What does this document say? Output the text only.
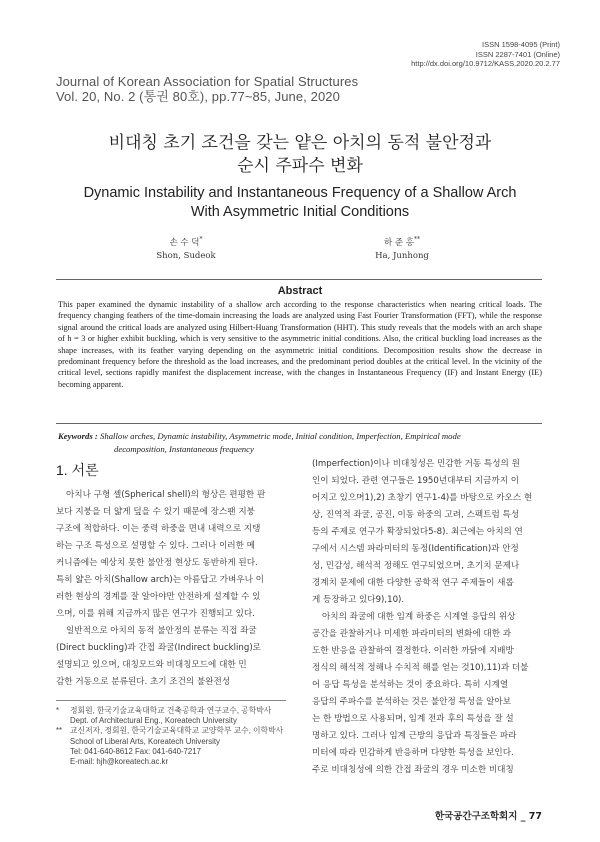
ISSN 1598-4095 (Print)
ISSN 2287-7401 (Online)
http://dx.doi.org/10.9712/KASS.2020.20.2.77
Journal of Korean Association for Spatial Structures
Vol. 20, No. 2 (통권 80호), pp.77~85, June, 2020
비대칭 초기 조건을 갖는 얕은 아치의 동적 불안정과
순시 주파수 변화
Dynamic Instability and Instantaneous Frequency of a Shallow Arch
With Asymmetric Initial Conditions
손 수 덕*
Shon, Sudeok
하 준 홍**
Ha, Junhong
Abstract
This paper examined the dynamic instability of a shallow arch according to the response characteristics when nearing critical loads. The frequency changing feathers of the time-domain increasing the loads are analyzed using Fast Fourier Transformation (FFT), while the response signal around the critical loads are analyzed using Hilbert-Huang Transformation (HHT). This study reveals that the models with an arch shape of h = 3 or higher exhibit buckling, which is very sensitive to the asymmetric initial conditions. Also, the critical buckling load increases as the shape increases, with its feather varying depending on the asymmetric initial conditions. Decomposition results show the decrease in predominant frequency before the threshold as the load increases, and the predominant period doubles at the critical level. In the vicinity of the critical level, sections rapidly manifest the displacement increase, with the changes in Instantaneous Frequency (IF) and Instant Energy (IE) becoming apparent.
Keywords : Shallow arches, Dynamic instability, Asymmetric mode, Initial condition, Imperfection, Empirical mode
decomposition, Instantaneous frequency
1. 서론
아치나 구형 셸(Spherical shell)의 형상은 편평한 판
보다 지붕을 더 얇게 덮을 수 있기 때문에 장스팬 지붕
구조에 적합하다. 이는 중력 하중을 면내 내력으로 지탱
하는 구조 특성으로 설명할 수 있다. 그러나 이러한 메
커니즘에는 예상치 못한 불안정 현상도 동반하게 된다.
특히 얇은 아치(Shallow arch)는 아름답고 가벼우나 이
러한 현상의 경계를 잘 알아야만 안전하게 설계할 수 있
으며, 이를 위해 지금까지 많은 연구가 진행되고 있다.
일반적으로 아치의 동적 불안정의 분류는 직접 좌굴
(Direct buckling)과 간접 좌굴(Indirect buckling)로
설명되고 있으며, 대칭모드와 비대칭모드에 대한 민
감한 거동으로 분류된다. 초기 조건의 불완전성
*	정회원, 한국기술교육대학교 건축공학과 연구교수, 공학박사
Dept. of Architectural Eng., Koreatech University
**	교신저자, 정회원, 한국기술교육대학교 교양학부 교수, 이학박사
School of Liberal Arts, Koreatech University
Tel: 041-640-8612 Fax: 041-640-7217
E-mail: hjh@koreatech.ac.kr
(Imperfection)이나 비대칭성은 민감한 거동 특성의 원
인이 되었다. 관련 연구들은 1950년대부터 지금까지 이
어지고 있으며1),2) 초창기 연구1-4)를 바탕으로 카오스 현
상, 진역적 좌굴, 공진, 이동 하중의 고려, 스펙트럼 특성
등의 주제로 연구가 확장되었다5-8). 최근에는 아치의 연
구에서 시스템 파라미터의 동정(Identification)과 안정
성, 민감성, 해석적 정해도 연구되었으며, 초기치 문제나
경계치 문제에 대한 다양한 공학적 연구 주제들이 새롭
게 등장하고 있다9),10).
아치의 좌굴에 대한 임계 하중은 시계열 응답의 위상
공간을 관찰하거나 미세한 파라미터의 변화에 대한 과
도한 반응을 관찰하여 결정한다. 이러한 까닭에 지배방
정식의 해석적 정해나 수치적 해를 얻는 것10),11)과 더불
어 응답 특성을 분석하는 것이 중요하다. 특히 시계열
응답의 주파수를 분석하는 것은 불안정 특성을 알아보
는 한 방법으로 사용되며, 임계 전과 후의 특성을 잘 설
명하고 있다. 그러나 임계 근방의 응답과 특징들은 파라
미터에 따라 민감하게 반응하며 다양한 특성을 보인다.
주로 비대칭성에 의한 간접 좌굴의 경우 미소한 비대칭
한국공간구조학회지 _ 77
